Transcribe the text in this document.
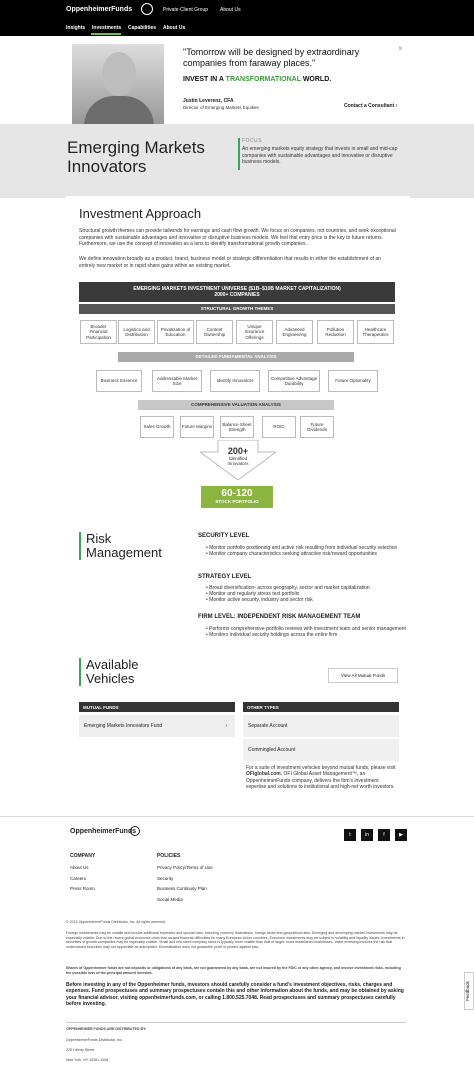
OppenheimerFunds	Private Client Group About Us
Insights Investments Capabilities About Us
×
"Tomorrow will be designed by extraordinary companies from faraway places."
INVEST IN A TRANSFORMATIONAL WORLD.
Justin Leverenz, CFA
Director of Emerging Markets Equities	Contact a Consultant ›
Emerging Markets Innovators
FOCUS
An emerging markets equity strategy that invests in small and mid-cap companies with sustainable advantages and innovative or disruptive business models.
Investment Approach
Structural growth themes can provide tailwinds for earnings and cash flow growth. We focus on companies, not countries, and seek exceptional companies with sustainable advantages and innovative or disruptive business models. We feel that entry price is the key to future returns. Furthermore, we use the concept of innovation as a lens to identify transformational growth companies.
We define innovation broadly as a product, brand, business model or strategic differentiation that results in either the establishment of an entirely new market or in rapid share gains within an existing market.
EMERGING MARKETS INVESTMENT UNIVERSE ($1B–$10B MARKET CAPITALIZATION)
2000+ COMPANIES
STRUCTURAL GROWTH THEMES
Broader Financial Participation
Logistics and Distribution
Privatization of Education
Content Ownership
Unique Insurance Offerings
Advanced Engineering
Pollution Reduction
Healthcare Therapeutics
DETAILED FUNDAMENTAL ANALYSIS
Business Essence
Addressable Market Size
Identify Innovators
Competitive Advantage Durability
Future Optionality
COMPREHENSIVE VALUATION ANALYSIS
Sales Growth	Future Margins
Balance Sheet Strength
ROIC
Future Dividends
200+
Identified Innovators
60-120
STOCK PORTFOLIO
Risk Management
SECURITY LEVEL
• Monitor portfolio positioning and active risk resulting from individual security selection
• Monitor company characteristics seeking attractive risk/reward opportunities
STRATEGY LEVEL
• Broad diversification¹ across geography, sector and market capitalization
• Monitor and regularly stress test portfolio
• Monitor active security, industry and sector risk
FIRM LEVEL: INDEPENDENT RISK MANAGEMENT TEAM
• Performs comprehensive portfolio reviews with investment team and senior management
• Monitors individual security holdings across the entire firm
Available Vehicles	View All Mutual Funds
MUTUAL FUNDS
Emerging Markets Innovators Fund	›
OTHER TYPES
Separate Account
Commingled Account
For a suite of investment vehicles beyond mutual funds, please visit OFIglobal.com, OFI Global Asset Management™, an OppenheimerFunds company, delivers the firm's investment expertise and solutions to institutional and high-net worth investors.
OppenheimerFunds	t	in	f	▶
COMPANY
About Us
Careers
Press Room
POLICIES
Privacy Policy/Terms of Use
Security
Business Continuity Plan
Social Media
© 2015 OppenheimerFunds Distributor, Inc. All rights reserved.
Foreign investments may be volatile and involve additional expenses and special risks, including currency fluctuations, foreign taxes and geopolitical risks. Emerging and developing market investments may be especially volatile. Due to the recent global economic crisis that caused financial difficulties for many European Union countries, Eurozone investments may be subject to volatility and liquidity issues. Investments in securities of growth companies may be especially volatile. Small and mid-sized company stock is typically more volatile than that of larger, more established businesses. Value investing involves the risk that undervalued securities may not appreciate as anticipated. Diversification does not guarantee profit or protect against loss.
Shares of Oppenheimer funds are not deposits or obligations of any bank, are not guaranteed by any bank, are not insured by the FDIC or any other agency, and involve investment risks, including the possible loss of the principal amount invested.
Before investing in any of the Oppenheimer funds, investors should carefully consider a fund's investment objectives, risks, charges and expenses. Fund prospectuses and summary prospectuses contain this and other information about the funds, and may be obtained by asking your financial advisor, visiting oppenheimerfunds.com, or calling 1.800.525.7048. Read prospectuses and summary prospectuses carefully before investing.
OPPENHEIMER FUNDS ARE DISTRIBUTED BY:
OppenheimerFunds Distributor, Inc.
225 Liberty Street
New York, NY 10281-1008
Feedback
